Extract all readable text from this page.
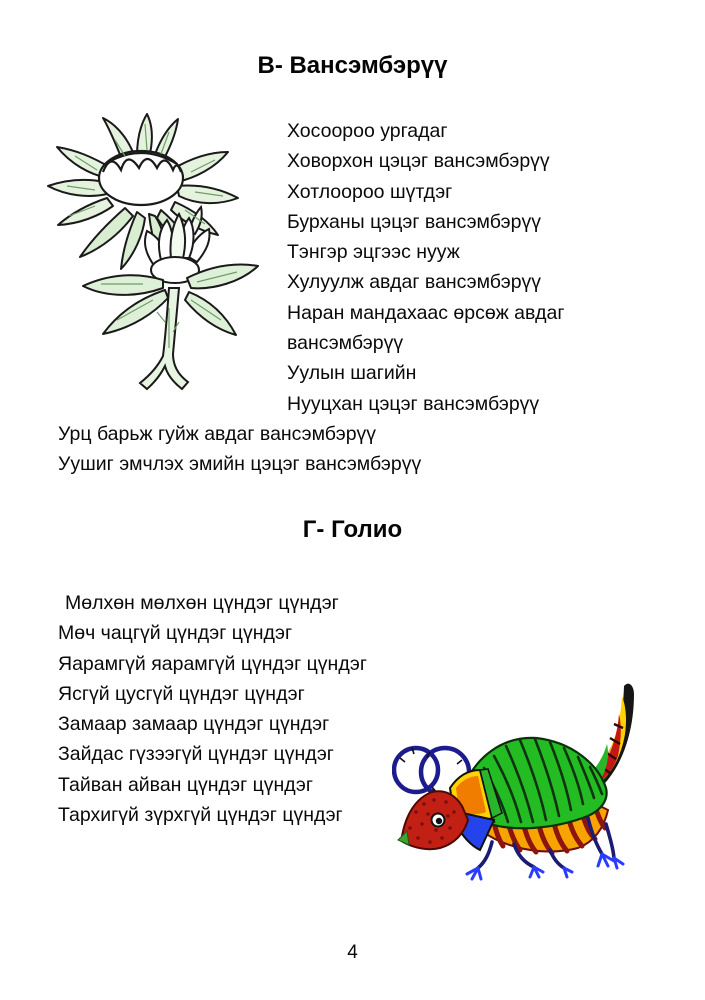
В- Вансэмбэрүү
Хосоороо ургадаг
Ховорхон цэцэг вансэмбэрүү
Хотлоороо шүтдэг
Бурханы цэцэг вансэмбэрүү
Тэнгэр эцгээс нууж
Хулуулж авдаг вансэмбэрүү
Наран мандахаас өрсөж авдаг
вансэмбэрүү
Уулын шагийн
Нууцхан цэцэг вансэмбэрүү
Урц барьж гуйж авдаг вансэмбэрүү
Уушиг эмчлэх эмийн цэцэг вансэмбэрүү
Г- Голио
Мөлхөн мөлхөн цүндэг цүндэг
Мөч чацгүй цүндэг цүндэг
Яарамгүй яарамгүй цүндэг цүндэг
Ясгүй цусгүй цүндэг цүндэг
Замаар замаар цүндэг цүндэг
Зайдас гүзээгүй цүндэг цүндэг
Тайван айван цүндэг цүндэг
Тархигүй зүрхгүй цүндэг цүндэг
4
